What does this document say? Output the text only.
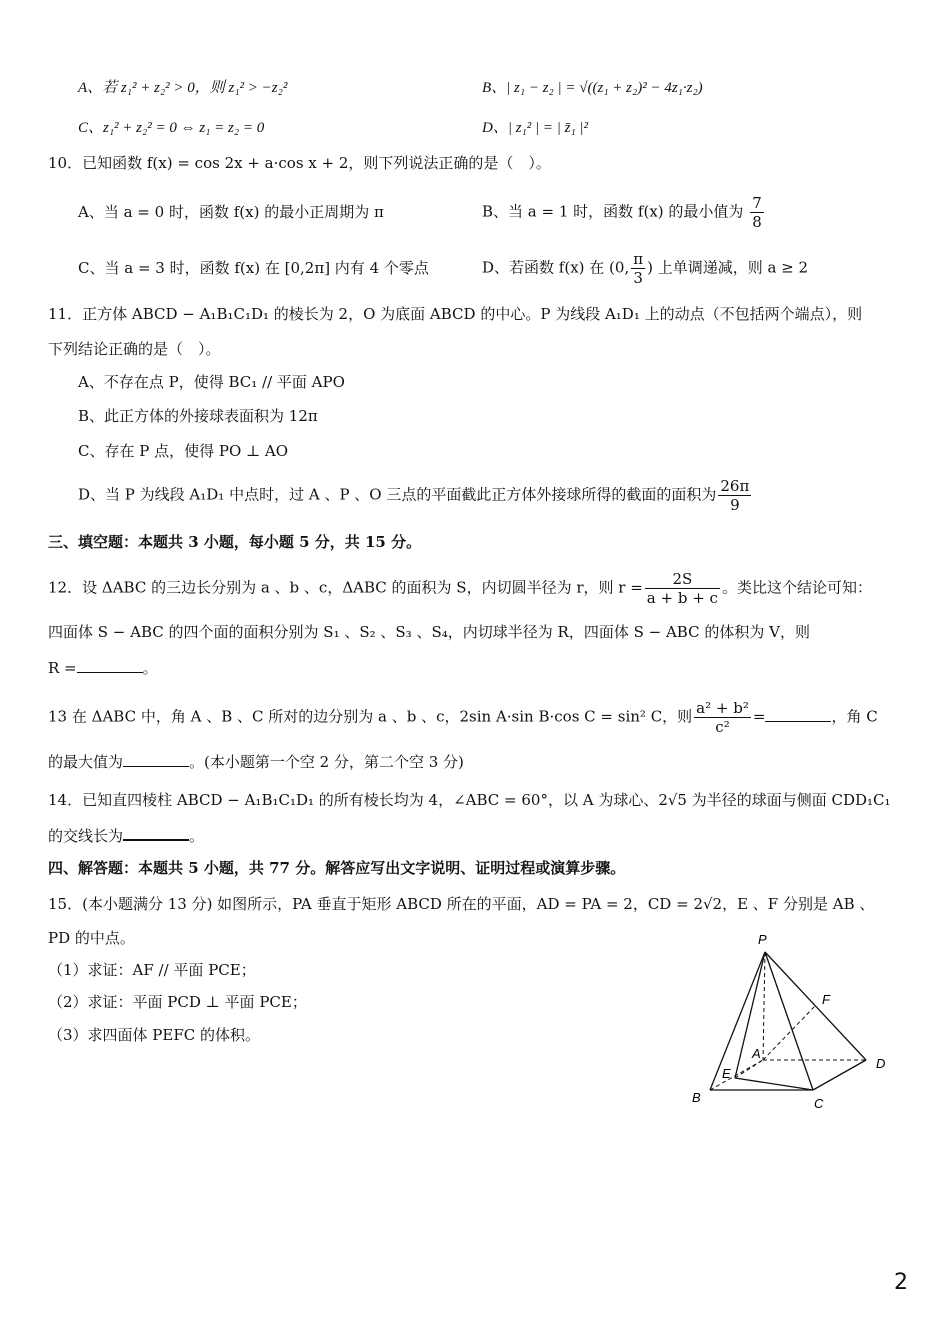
A、若 z₁² + z₂² > 0，则 z₁² > −z₂²	B、| z₁ − z₂ | = √((z₁ + z₂)² − 4z₁·z₂)
C、z₁² + z₂² = 0 ⇔ z₁ = z₂ = 0	D、| z₁² | = | z̄₁ |²
10．已知函数 f(x) = cos 2x + a·cos x + 2，则下列说法正确的是（　）。
A、当 a = 0 时，函数 f(x) 的最小正周期为 π	B、当 a = 1 时，函数 f(x) 的最小值为 $\frac{7}{8}$
C、当 a = 3 时，函数 f(x) 在 [0,2π] 内有 4 个零点	D、若函数 f(x) 在 (0, $\frac{\pi}{3}$ ) 上单调递减，则 a ≥ 2
11．正方体 ABCD − A₁B₁C₁D₁ 的棱长为 2，O 为底面 ABCD 的中心。P 为线段 A₁D₁ 上的动点（不包括两个端点），则
下列结论正确的是（　）。
A、不存在点 P，使得 BC₁ // 平面 APO
B、此正方体的外接球表面积为 12π
C、存在 P 点，使得 PO ⊥ AO
D、当 P 为线段 A₁D₁ 中点时，过 A 、P 、O 三点的平面截此正方体外接球所得的截面的面积为 $\frac{26\pi}{9}$
三、填空题：本题共 3 小题，每小题 5 分，共 15 分。
12．设 ΔABC 的三边长分别为 a 、b 、c，ΔABC 的面积为 S，内切圆半径为 r，则 $r = \frac{2S}{a + b + c}$ 。类比这个结论可知：
四面体 S − ABC 的四个面的面积分别为 S₁ 、S₂ 、S₃ 、S₄，内切球半径为 R，四面体 S − ABC 的体积为 V，则
R =	。
13 在 ΔABC 中，角 A 、B 、C 所对的边分别为 a 、b 、c，2sin A·sin B·cos C = sin² C，则 $\frac{\text{a² + b²}}{\text{c²}}$ =	，角 C
的最大值为	。(本小题第一个空 2 分，第二个空 3 分)
14．已知直四棱柱 ABCD − A₁B₁C₁D₁ 的所有棱长均为 4，∠ABC = 60°，以 A 为球心、2√5 为半径的球面与侧面 CDD₁C₁
的交线长为	。
四、解答题：本题共 5 小题，共 77 分。解答应写出文字说明、证明过程或演算步骤。
15．(本小题满分 13 分) 如图所示，PA 垂直于矩形 ABCD 所在的平面，AD = PA = 2，CD = 2√2，E 、F 分别是 AB 、
PD 的中点。
（1）求证：AF // 平面 PCE；
（2）求证：平面 PCD ⊥ 平面 PCE；
（3）求四面体 PEFC 的体积。
P
F
A
D
E
B	C
2
